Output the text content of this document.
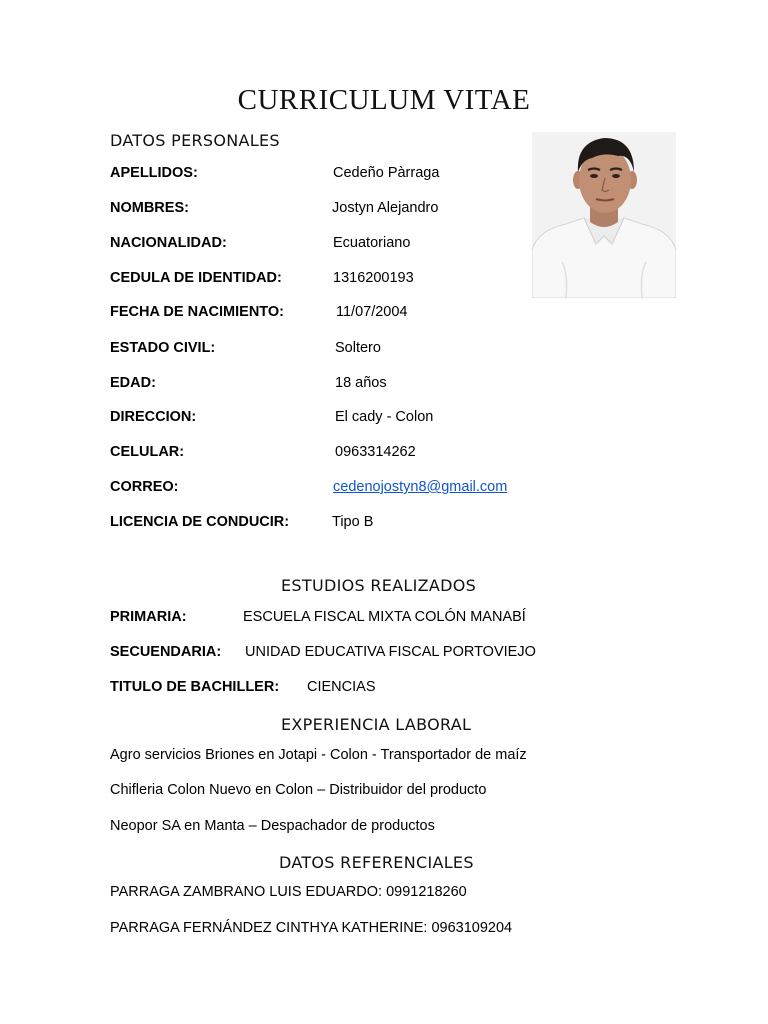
CURRICULUM VITAE
DATOS PERSONALES
APELLIDOS:	Cedeño Pàrraga
NOMBRES:	Jostyn Alejandro
NACIONALIDAD:	Ecuatoriano
CEDULA DE IDENTIDAD:	1316200193
FECHA DE NACIMIENTO:	11/07/2004
ESTADO CIVIL:	Soltero
EDAD:	18 años
DIRECCION:	El cady - Colon
CELULAR:	0963314262
CORREO:	cedenojostyn8@gmail.com
LICENCIA DE CONDUCIR:	Tipo B
ESTUDIOS REALIZADOS
PRIMARIA:	ESCUELA FISCAL MIXTA COLÓN MANABÍ
SECUENDARIA: UNIDAD EDUCATIVA FISCAL PORTOVIEJO
TITULO DE BACHILLER: CIENCIAS
EXPERIENCIA LABORAL
Agro servicios Briones en Jotapi - Colon - Transportador de maíz
Chifleria Colon Nuevo en Colon – Distribuidor del producto
Neopor SA en Manta – Despachador de productos
DATOS REFERENCIALES
PARRAGA ZAMBRANO LUIS EDUARDO: 0991218260
PARRAGA FERNÁNDEZ CINTHYA KATHERINE: 0963109204
